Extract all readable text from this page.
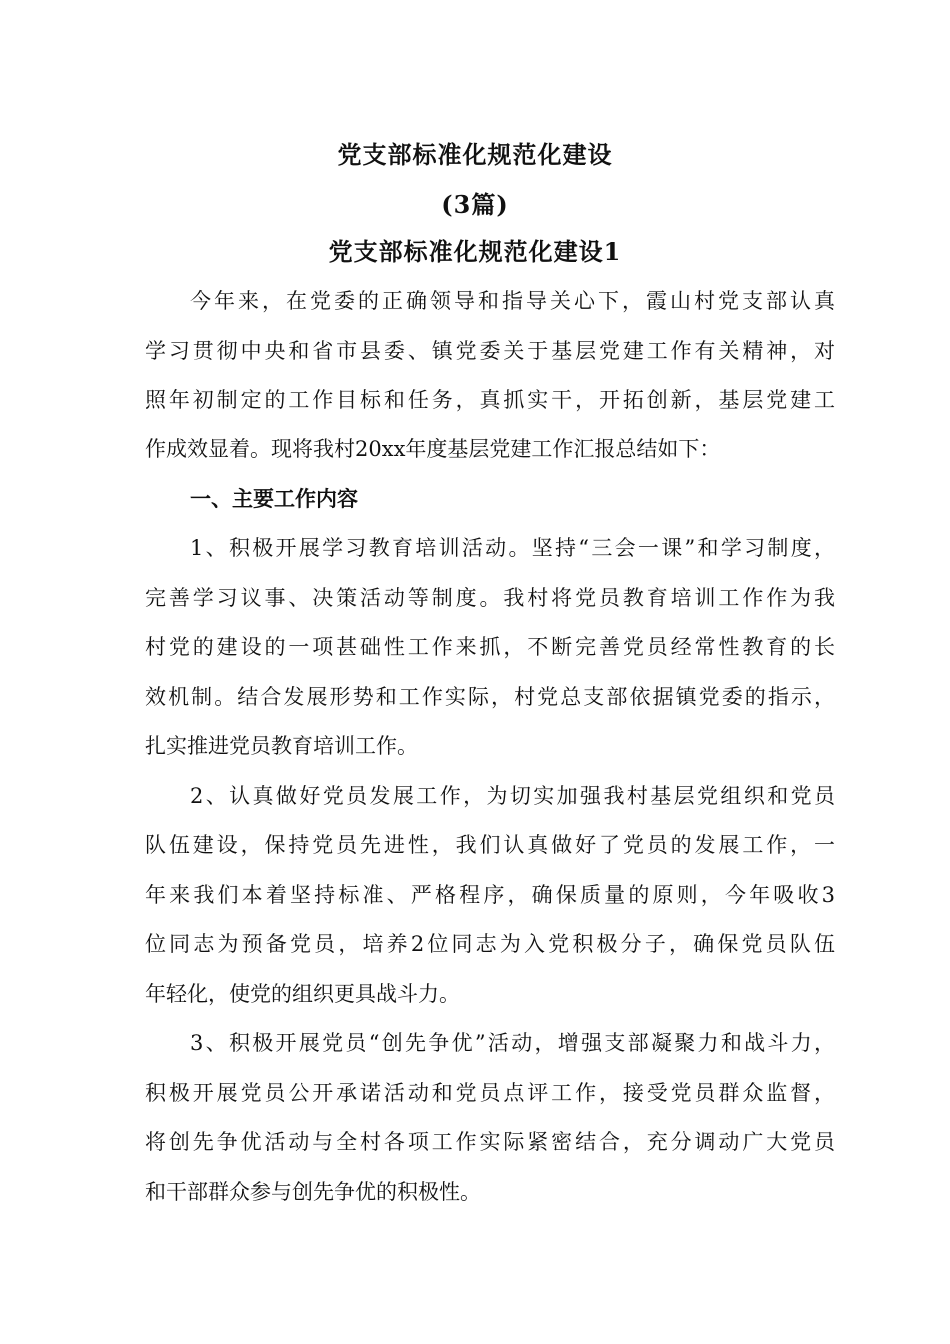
党支部标准化规范化建设
(3篇)
党支部标准化规范化建设1
今年来，在党委的正确领导和指导关心下，霞山村党支部认真
学习贯彻中央和省市县委、镇党委关于基层党建工作有关精神，对
照年初制定的工作目标和任务，真抓实干，开拓创新，基层党建工
作成效显着。现将我村20xx年度基层党建工作汇报总结如下：
一、主要工作内容
1、积极开展学习教育培训活动。坚持“三会一课”和学习制度，
完善学习议事、决策活动等制度。我村将党员教育培训工作作为我
村党的建设的一项甚础性工作来抓，不断完善党员经常性教育的长
效机制。结合发展形势和工作实际，村党总支部依据镇党委的指示，
扎实推进党员教育培训工作。
2、认真做好党员发展工作，为切实加强我村基层党组织和党员
队伍建设，保持党员先进性，我们认真做好了党员的发展工作，一
年来我们本着坚持标准、严格程序，确保质量的原则，今年吸收3
位同志为预备党员，培养2位同志为入党积极分子，确保党员队伍
年轻化，使党的组织更具战斗力。
3、积极开展党员“创先争优”活动，增强支部凝聚力和战斗力，
积极开展党员公开承诺活动和党员点评工作，接受党员群众监督，
将创先争优活动与全村各项工作实际紧密结合，充分调动广大党员
和干部群众参与创先争优的积极性。
